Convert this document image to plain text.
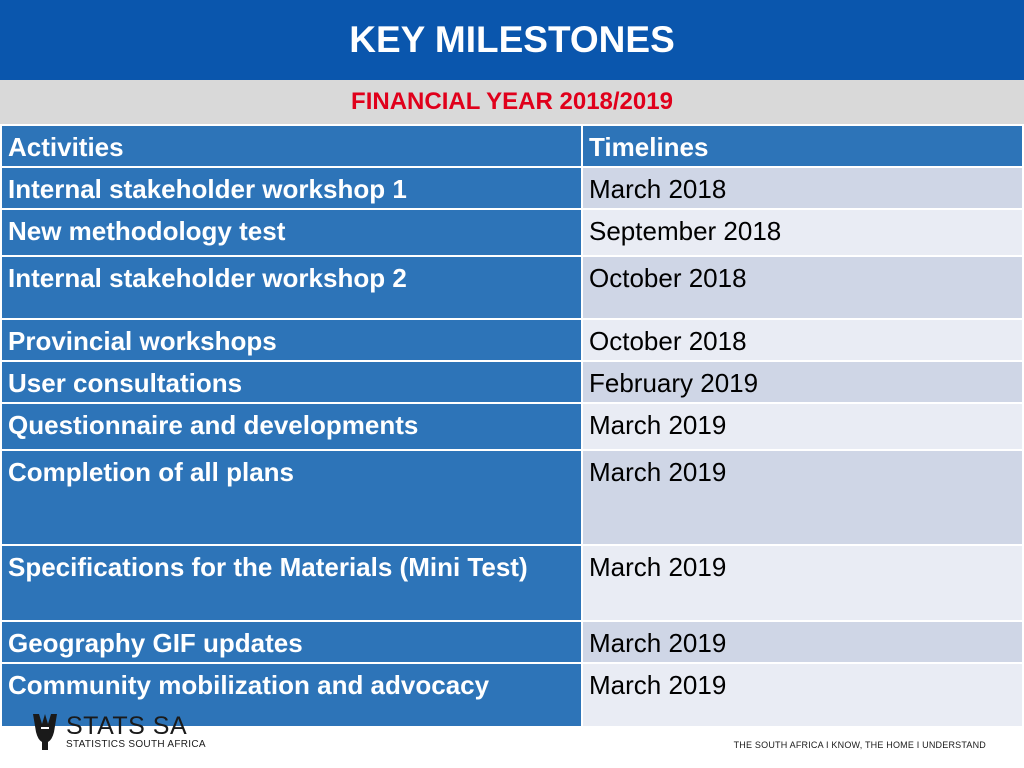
KEY MILESTONES
FINANCIAL YEAR 2018/2019
Activities	Timelines
Internal stakeholder workshop 1	March 2018
New methodology test	September 2018
Internal stakeholder workshop 2	October 2018
Provincial workshops	October 2018
User consultations	February 2019
Questionnaire and developments	March 2019
Completion of all plans	March 2019
Specifications for the Materials (Mini Test)	March 2019
Geography GIF updates	March 2019
Community mobilization and advocacy	March 2019
STATS SA
STATISTICS SOUTH AFRICA	THE SOUTH AFRICA I KNOW, THE HOME I UNDERSTAND
